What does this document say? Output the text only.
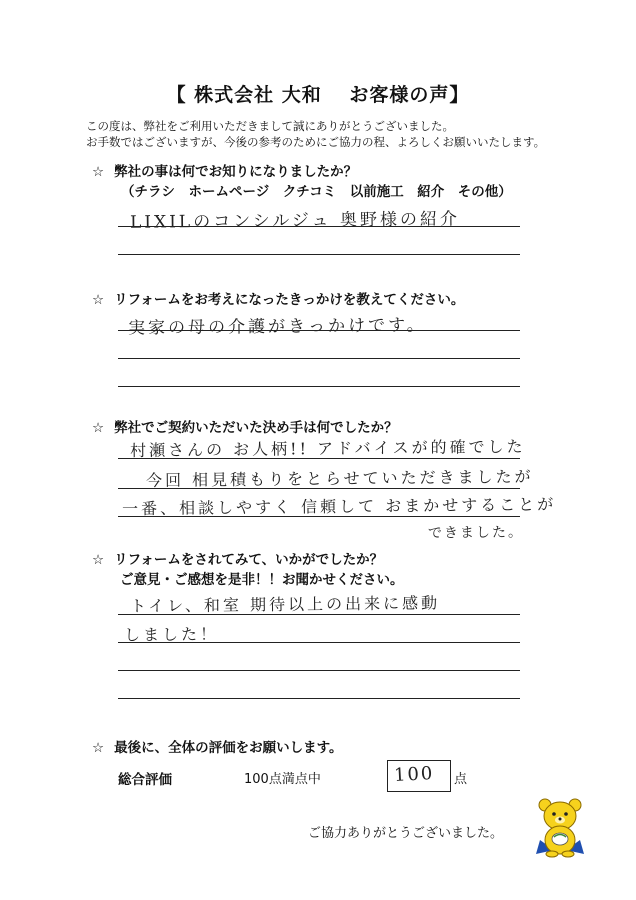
【 株式会社 大和　 お客様の声】
この度は、弊社をご利用いただきまして誠にありがとうございました。
お手数ではございますが、今後の参考のためにご協力の程、よろしくお願いいたします。
☆ 弊社の事は何でお知りになりましたか？
（チラシ　ホームページ　クチコミ　以前施工　紹介　その他）
LIXILのコンシルジュ 奥野様の紹介
☆ リフォームをお考えになったきっかけを教えてください。
実家の母の介護がきっかけです。
☆ 弊社でご契約いただいた決め手は何でしたか？
村瀬さんの お人柄!! アドバイスが的確でした
今回 相見積もりをとらせていただきましたが
一番、相談しやすく 信頼して おまかせすることが
できました。
☆ リフォームをされてみて、いかがでしたか？
ご意見・ご感想を是非！！お聞かせください。
トイレ、和室 期待以上の出来に感動
しました！
☆ 最後に、全体の評価をお願いします。
総合評価	100点満点中	100 点
ご協力ありがとうございました。
